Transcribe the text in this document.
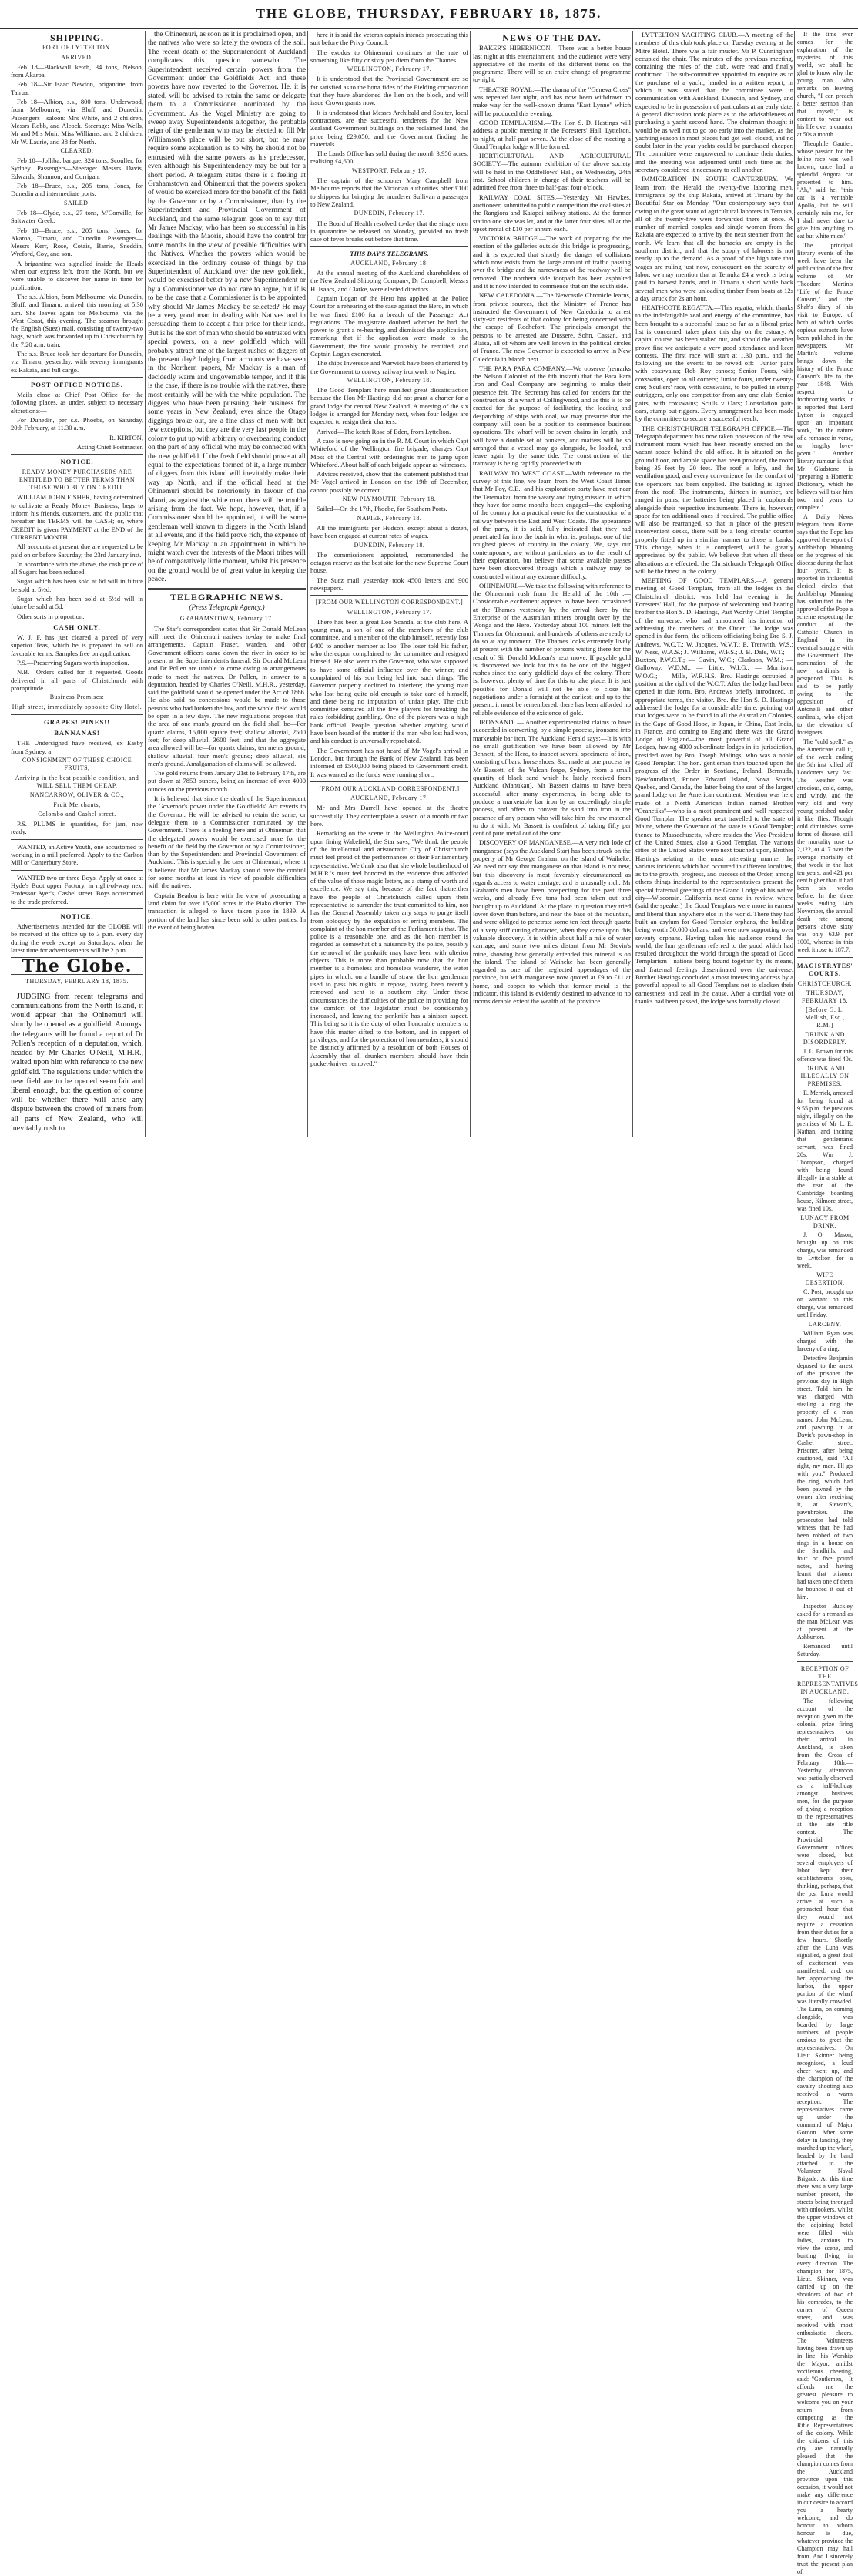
THE GLOBE, THURSDAY, FEBRUARY 18, 1875.

SHIPPING.

PORT OF LYTTELTON.

ARRIVED.

Feb 18—Blackwall ketch, 34 tons, Nelson, from Akaroa.

Feb 18—Sir Isaac Newton, brigantine, from Tairua.

Feb 18—Albion, s.s., 800 tons, Underwood, from Melbourne, via Bluff, and Dunedin. Passengers—saloon: Mrs White, and 2 children, Messrs Robb, and Alcock. Steerage: Miss Wells, Mr and Mrs Muir, Miss Williams, and 2 children, Mr W. Laurie, and 38 for North.

CLEARED.

Feb 18—Jolliba, barque, 324 tons, Scouller, for Sydney. Passengers—Steerage: Messrs Davis, Edwards, Shannon, and Corrigan.

Feb 18—Bruce, s.s., 205 tons, Jones, for Dunedin and intermediate ports.

SAILED.

Feb 18—Clyde, s.s., 27 tons, M'Conville, for Saltwater Creek.

Feb 18—Bruce, s.s., 205 tons, Jones, for Akaroa, Timaru, and Dunedin. Passengers—Messrs Kerr, Rose, Cotais, Barrie, Sneddin, Wreford, Coy, and son.

A brigantine was signalled inside the Heads when our express left, from the North, but we were unable to discover her name in time for publication.

The s.s. Albion, from Melbourne, via Dunedin, Bluff, and Timaru, arrived this morning at 5.30 a.m. She leaves again for Melbourne, via the West Coast, this evening. The steamer brought the English (Suez) mail, consisting of twenty-two bags, which was forwarded up to Christchurch by the 7.20 a.m. train.

The s.s. Bruce took her departure for Dunedin, via Timaru, yesterday, with seventy immigrants ex Rakaia, and full cargo.

POST OFFICE NOTICES.

Mails close at Chief Post Office for the following places, as under, subject to necessary alterations:—

For Dunedin, per s.s. Phoebe, on Saturday, 20th February, at 11.30 a.m.

R. KIRTON,

Acting Chief Postmaster.

NOTICE.

READY-MONEY PURCHASERS ARE ENTITLED TO BETTER TERMS THAN THOSE WHO BUY ON CREDIT.

WILLIAM JOHN FISHER, having determined to cultivate a Ready Money Business, begs to inform his friends, customers, and the public that hereafter his TERMS will be CASH; or, where CREDIT is given PAYMENT at the END of the CURRENT MONTH.

All accounts at present due are requested to be paid on or before Saturday, the 23rd January inst.

In accordance with the above, the cash price of all Sugars has been reduced.

Sugar which has been sold at 6d will in future be sold at 5½d.

Sugar which has been sold at 5½d will in future be sold at 5d.

Other sorts in proportion.

CASH ONLY.

W. J. F. has just cleared a parcel of very superior Teas, which he is prepared to sell on favorable terms. Samples free on application.

P.S.—Preserving Sugars worth inspection.

N.B.—Orders called for if requested. Goods delivered in all parts of Christchurch with promptitude.

Business Premises:

High street, immediately opposite City Hotel.

GRAPES! PINES!!

BANNANAS!

THE Undersigned have received, ex Easby from Sydney, a

CONSIGNMENT OF THESE CHOICE FRUITS,

Arriving in the best possible condition, and WILL SELL THEM CHEAP.

NANCARROW, OLIVER & CO.,

Fruit Merchants,

Colombo and Cashel street.

P.S.—PLUMS in quantities, for jam, now ready.

WANTED, an Active Youth, one accustomed to working in a mill preferred. Apply to the Carlton Mill or Canterbury Store.

WANTED two or three Boys. Apply at once at Hyde's Boot upper Factory, in right-of-way next Professor Ayer's, Cashel street. Boys accustomed to the trade preferred.

NOTICE.

Advertisements intended for the GLOBE will be received at the office up to 3 p.m. every day during the week except on Saturdays, when the latest time for advertisements will be 2 p.m.

The Globe.

THURSDAY, FEBRUARY 18, 1875.

JUDGING from recent telegrams and communications from the North Island, it would appear that the Ohinemuri will shortly be opened as a goldfield. Amongst the telegrams will be found a report of Dr Pollen's reception of a deputation, which, headed by Mr Charles O'Neill, M.H.R., waited upon him with reference to the new goldfield. The regulations under which the new field are to be opened seem fair and liberal enough, but the question of course will be whether there will arise any dispute between the crowd of miners from all parts of New Zealand, who will inevitably rush to

the Ohinemuri, as soon as it is proclaimed open, and the natives who were so lately the owners of the soil. The recent death of the Superintendent of Auckland complicates this question somewhat. The Superintendent received certain powers from the Government under the Goldfields Act, and these powers have now reverted to the Governor. He, it is stated, will be advised to retain the same or delegate them to a Commissioner nominated by the Government. As the Vogel Ministry are going to sweep away Superintendents altogether, the probable reign of the gentleman who may be elected to fill Mr Williamson's place will be but short, but he may require some explanation as to why he should not be entrusted with the same powers as his predecessor, even although his Superintendency may be but for a short period. A telegram states there is a feeling at Grahamstown and Ohinemuri that the powers spoken of would be exercised more for the benefit of the field by the Governor or by a Commissioner, than by the Superintendent and Provincial Government of Auckland, and the same telegram goes on to say that Mr James Mackay, who has been so successful in his dealings with the Maoris, should have the control for some months in the view of possible difficulties with the Natives. Whether the powers which would be exercised in the ordinary course of things by the Superintendent of Auckland over the new goldfield, would be exercised better by a new Superintendent or by a Commissioner we do not care to argue, but if is to be the case that a Commissioner is to be appointed why should Mr James Mackay be selected? He may be a very good man in dealing with Natives and in persuading them to accept a fair price for their lands. But is he the sort of man who should be entrusted with special powers, on a new goldfield which will probably attract one of the largest rushes of diggers of the present day? Judging from accounts we have seen in the Northern papers, Mr Mackay is a man of decidedly warm and ungovernable temper, and if this is the case, if there is no trouble with the natives, there most certainly will be with the white population. The diggers who have been pursuing their business for some years in New Zealand, ever since the Otago diggings broke out, are a fine class of men with but few exceptions, but they are the very last people in the colony to put up with arbitrary or overbearing conduct on the part of any official who may be connected with the new goldfield. If the fresh field should prove at all equal to the expectations formed of it, a large number of diggers from this island will inevitably make their way up North, and if the official head at the Ohinemuri should be notoriously in favour of the Maori, as against the white man, there will be trouble arising from the fact. We hope, however, that, if a Commissioner should be appointed, it will be some gentleman well known to diggers in the North Island at all events, and if the field prove rich, the expense of keeping Mr Mackay in an appointment in which he might watch over the interests of the Maori tribes will be of comparatively little moment, whilst his presence on the ground would be of great value in keeping the peace.

TELEGRAPHIC NEWS.

(Press Telegraph Agency.)

GRAHAMSTOWN, February 17.

The Star's correspondent states that Sir Donald McLean will meet the Ohinemuri natives to-day to make final arrangements. Captain Fraser, warden, and other Government officers came down the river in order to be present at the Superintendent's funeral. Sir Donald McLean and Dr Pollen are unable to come owing to arrangements made to meet the natives. Dr Pollen, in answer to a deputation, headed by Charles O'Neill, M.H.R., yesterday, said the goldfield would be opened under the Act of 1866. He also said no concessions would be made to those persons who had broken the law, and the whole field would be open in a few days. The new regulations propose that the area of one man's ground on the field shall be—For quartz claims, 15,000 square feet; shallow alluvial, 2500 feet; for deep alluvial, 3600 feet; and that the aggregate area allowed will be—for quartz claims, ten men's ground; shallow alluvial, four men's ground; deep alluvial, six men's ground. Amalgamation of claims will be allowed.

The gold returns from January 21st to February 17th, are put down at 7853 ounces, being an increase of over 4000 ounces on the previous month.

It is believed that since the death of the Superintendent the Governor's power under the Goldfields' Act reverts to the Governor. He will be advised to retain the same, or delegate them to a Commissioner nominated by the Government. There is a feeling here and at Ohinemuri that the delegated powers would be exercised more for the benefit of the field by the Governor or by a Commissioner, than by the Superintendent and Provincial Government of Auckland. This is specially the case at Ohinemuri, where it is believed that Mr James Mackay should have the control for some months at least in view of possible difficulties with the natives.

Captain Beadon is here with the view of prosecuting a land claim for over 15,000 acres in the Piako district. The transaction is alleged to have taken place in 1839. A portion of the land has since been sold to other parties. In the event of being beaten

here it is said the veteran captain intends prosecuting this suit before the Privy Council.

The exodus to Ohinemuri continues at the rate of something like fifty or sixty per diem from the Thames.

WELLINGTON, February 17.

It is understood that the Provincial Government are so far satisfied as to the bona fides of the Fielding corporation that they have abandoned the lien on the block, and will issue Crown grants now.

It is understood that Messrs Archibald and Soulter, local contractors, are the successful tenderers for the New Zealand Government buildings on the reclaimed land, the price being £29,050, and the Government finding the materials.

The Lands Office has sold during the month 3,956 acres, realising £4,600.

WESTPORT, February 17.

The captain of the schooner Mary Campbell from Melbourne reports that the Victorian authorities offer £100 to shippers for bringing the murderer Sullivan a passenger to New Zealand.

DUNEDIN, February 17.

The Board of Health resolved to-day that the single men in quarantine be released on Monday, provided no fresh case of fever breaks out before that time.

THIS DAY'S TELEGRAMS.

AUCKLAND, February 18.

At the annual meeting of the Auckland shareholders of the New Zealand Shipping Company, Dr Campbell, Messrs H. Isaacs, and Clarke, were elected directors.

Captain Logan of the Hero has applied at the Police Court for a rehearing of the case against the Hero, in which he was fined £100 for a breach of the Passenger Act regulations. The magistrate doubted whether he had the power to grant a re-hearing, and dismissed the application, remarking that if the application were made to the Government, the fine would probably be remitted, and Captain Logan exonerated.

The ships Inveresse and Warwick have been chartered by the Government to convey railway ironwork to Napier.

WELLINGTON, February 18.

The Good Templars here manifest great dissatisfaction because the Hon Mr Hastings did not grant a charter for a grand lodge for central New Zealand. A meeting of the six lodges is arranged for Monday next, when four lodges are expected to resign their charters.

Arrived—The ketch Rose of Eden, from Lyttelton.

A case is now going on in the R. M. Court in which Capt Whiteford of the Wellington fire brigade, charges Capt Moss of the Central with orderinghis men to jump upon Whiteford. About half of each brigade appear as witnesses.

Advices received, show that the statement published that Mr Vogel arrived in London on the 19th of December, cannot possibly be correct.

NEW PLYMOUTH, February 18.

Sailed—On the 17th, Phoebe, for Southern Ports.

NAPIER, February 18.

All the immigrants per Hudson, except about a dozen, have been engaged at current rates of wages.

DUNEDIN, February 18.

The commissioners appointed, recommended the octagon reserve as the best site for the new Supreme Court house.

The Suez mail yesterday took 4500 letters and 900 newspapers.

[FROM OUR WELLINGTON CORRESPONDENT.]

WELLINGTON, February 17.

There has been a great Loo Scandal at the club here. A young man, a son of one of the members of the club committee, and a member of the club himself, recently lost £400 to another member at loo. The loser told his father, who thereupon complained to the committee and resigned himself. He also went to the Governor, who was supposed to have some official influence over the winner, and complained of his son being led into such things. The Governor properly declined to interfere; the young man who lost being quite old enough to take care of himself, and there being no imputation of unfair play. The club committee censured all the five players for breaking the rules forbidding gambling. One of the players was a high bank official. People question whether anything would have been heard of the matter if the man who lost had won, and his conduct is universally reprobated.

The Government has not heard of Mr Vogel's arrival in London, but through the Bank of New Zealand, has been informed of £500,000 being placed to Government credit. It was wanted as the funds were running short.

[FROM OUR AUCKLAND CORRESPONDENT.]

AUCKLAND, February 17.

Mr and Mrs Darrell have opened at the theatre successfully. They contemplate a season of a month or two here.

Remarking on the scene in the Wellington Police-court upon fining Wakefield, the Star says, "We think the people of the intellectual and aristocratic City of Christchurch must feel proud of the performances of their Parliamentary representative. We think also that she whole brotherhood of M.H.R.'s must feel honored in the evidence thus afforded of the value of those magic letters, as a stamp of worth and excellence. We say this, because of the fact thatneither have the people of Christchurch called upon their representative to surrender the trust committed to him, nor has the General Assembly taken any steps to purge itself from obloquoy by the expulsion of erring members. The complaint of the hon member of the Parliament is that. The police is a reasonable one, and as the hon member is regarded as somewhat of a nuisance by the police, possibly the removal of the penknife may have been with ulterior objects. This is more than probable now that the hon member is a homeless and homeless wanderer, the water pipes in which, on a bundle of straw, the hon gentleman used to pass his nights in repose, having been recently removed and sent to a southern city. Under these circumstances the difficulties of the police in providing for the comfort of the legislator must be considerably increased, and leaving the penknife has a sinister aspect. This being so it is the duty of other honorable members to have this matter sifted to the bottom, and in support of privileges, and for the protection of hon members, it should be distinctly affirmed by a resolution of both Houses of Assembly that all drunken members should have their pocket-knives removed."

NEWS OF THE DAY.

BAKER'S HIBERNICON.—There was a better house last night at this entertainment, and the audience were very appreciative of the merits of the different items on the programme. There will be an entire change of programme to-night.

THEATRE ROYAL.—The drama of the "Geneva Cross" was repeated last night, and has now been withdrawn to make way for the well-known drama "East Lynne" which will be produced this evening.

GOOD TEMPLARISM.—The Hon S. D. Hastings will address a public meeting in the Foresters' Hall, Lyttelton, to-night, at half-past seven. At the close of the meeting a Good Templar lodge will be formed.

HORTICULTURAL AND AGRICULTURAL SOCIETY.—The autumn exhibition of the above society will be held in the Oddfellows' Hall, on Wednesday, 24th inst. School children in charge of their teachers will be admitted free from three to half-past four o'clock.

RAILWAY COAL SITES.—Yesterday Mr Hawkes, auctioneer, submitted to public competition the coal sites at the Rangiora and Kaiapoi railway stations. At the former station one site was let, and at the latter four sites, all at the upset rental of £10 per annum each.

VICTORIA BRIDGE.—The work of preparing for the erection of the galleries outside this bridge is progressing, and it is expected that shortly the danger of collisions which now exists from the large amount of traffic passing over the bridge and the narrowness of the roadway will be removed. The northern side footpath has been asphalted and it is now intended to commence that on the south side.

NEW CALEDONIA.—The Newcastle Chronicle learns, from private sources, that the Ministry of France has instructed the Government of New Caledonia to arrest sixty-six residents of that colony for being concerned with the escape of Rochefort. The principals amongst the persons to be arrested are Dussere, Sohn, Cassan, and Blaisa, all of whom are well known in the political circles of France. The new Governor is expected to arrive in New Caledonia in March next.

THE PARA PARA COMPANY.—We observe (remarks the Nelson Colonist of the 6th instant) that the Para Para Iron and Coal Company are beginning to make their presence felt. The Secretary has called for tenders for the construction of a wharf at Collingwood, and as this is to be erected for the purpose of facilitating the loading and despatching of ships with coal, we may presume that the company will soon be a position to commence business operations. The wharf will be seven chains in length, and will have a double set of bunkers, and matters will be so arranged that a vessel may go alongside, be loaded, and leave again by the same tide. The construction of the tramway is being rapidly proceeded with.

RAILWAY TO WEST COAST.—With reference to the survey of this line, we learn from the West Coast Times that Mr Foy, C.E., and his exploration party have met near the Teremakau from the weary and trying mission in which they have for some months been engaged—the exploring of the country for a practical route for the construction of a railway between the East and West Coasts. The appearance of the party, it is said, fully indicated that they had penetrated far into the bush in what is, perhaps, one of the roughest pieces of country in the colony. We, says our contemporary, are without particulars as to the result of their exploration, but believe that some available passes have been discovered through which a railway may be constructed without any extreme difficulty.

OHINEMURI.—We take the following with reference to the Ohinemuri rush from the Herald of the 10th :—Considerable excitement appears to have been occasioned at the Thames yesterday by the arrival there by the Enterprise of the Australian miners brought over by the Wonga and the Hero. Yesterday about 100 miners left the Thames for Ohinemuri, and hundreds of others are ready to do so at any moment. The Thames looks extremely lively at present with the number of persons waiting there for the result of Sir Donald McLean's next move. If payable gold is discovered we look for this to be one of the biggest rushes since the early goldfield days of the colony. There is, however, plenty of time for this to take place. It is just possible for Donald will not be able to close his negotiations under a fortnight at the earliest; and up to the present, it must be remembered, there has been afforded no reliable evidence of the existence of gold.

IRONSAND. — Another experimentalist claims to have succeeded in converting, by a simple process, ironsand into marketable bar iron. The Auckland Herald says:—It is with no small gratification we have been allowed by Mr Bennett, of the Hero, to inspect several specimens of iron, consisting of bars, horse shoes, &c, made at one process by Mr Bassett, of the Vulcan forge, Sydney, from a small quantity of black sand which he lately received from Auckland (Manukau). Mr Bassett claims to have been successful, after many experiments, in being able to produce a marketable bar iron by an exceedingly simple process, and offers to convert the sand into iron in the presence of any person who will take him the raw material to do it with. Mr Bassett is confident of taking fifty per cent of pure metal out of the sand.

DISCOVERY OF MANGANESE.—A very rich lode of manganese (says the Auckland Star) has been struck on the property of Mr George Graham on the island of Waiheke. We need not say that manganese on that island is not new, but this discovery is most favorably circumstanced as regards access to water carriage, and is unusually rich. Mr Graham's men have been prospecting for the past three weeks, and already five tons had been taken out and brought up to Auckland. At the place in question they tried lower down than before, and near the base of the mountain, and were obliged to penetrate some ten feet through quartz of a very stiff cutting character, when they came upon this valuable discovery. It is within about half a mile of water carriage, and some two miles distant from Mr Stevin's mine, showing how generally extended this mineral is on the island. The island of Waiheke has been generally regarded as one of the neglected appendages of the province, but with manganese now quoted at £9 to £11 at home, and copper to which that former metal is the indicator, this island is evidently destined to advance to no inconsiderable extent the wealth of the province.

LYTTELTON YACHTING CLUB.—A meeting of the members of this club took place on Tuesday evening at the Mitre Hotel. There was a fair muster. Mr P. Cunningham occupied the chair. The minutes of the previous meeting, containing the rules of the club, were read and finally confirmed. The sub-committee appointed to enquire as to the purchase of a yacht, handed in a written report, in which it was stated that the committee were in communication with Auckland, Dunedin, and Sydney, and expected to be in possession of particulars at an early date. A general discussion took place as to the advisableness of purchasing a yacht second hand. The chairman thought it would be as well not to go too early into the market, as the yachting season in most places had got well closed, and no doubt later in the year yachts could be purchased cheaper. The committee were empowered to continue their duties, and the meeting was adjourned until such time as the secretary considered it necessary to call another.

IMMIGRATION IN SOUTH CANTERBURY.—We learn from the Herald the twenty-five laboring men, immigrants by the ship Rakaia, arrived at Timaru by the Beautiful Star on Monday. "Our contemporary says that owing to the great want of agricultural laborers in Temuka, all of the twenty-five were forwarded there at once. A number of married couples and single women from the Rakaia are expected to arrive by the next steamer from the north. We learn that all the barracks are empty in the southern district, and that the supply of laborers is not nearly up to the demand. As a proof of the high rate that wages are ruling just now, consequent on the scarcity of labor, we may mention that at Temuka £4 a week is being paid to harvest hands, and in Timaru a short while back several men who were unloading timber from boats at 12s a day struck for 2s an hour.

HEATHCOTE REGATTA.—This regatta, which, thanks to the indefatigable zeal and energy of the committee, has been brought to a successful issue so far as a liberal prize list is concerned, takes place this day on the estuary. A capital course has been staked out, and should the weather prove fine we anticipate a very good attendance and keen contests. The first race will start at 1.30 p.m., and the following are the events to be rowed off:—Junior pairs with coxswains; Rob Roy canoes; Senior Fours, with coxswains, open to all comers; Junior fours, under twenty-one; Scullers' race, with coxswains, to be pulled in stump outriggers, only one competitor from any one club; Senior pairs, with coxswains; Sculls v Oars; Consolation pair-oars, stump out-riggers. Every arrangement has been made by the committee to secure a successful result.

THE CHRISTCHURCH TELEGRAPH OFFICE.—The Telegraph department has now taken possession of the new instrument room which has been recently erected on the vacant space behind the old office. It is situated on the ground floor, and ample space has been provided, the room being 35 feet by 20 feet. The roof is lofty, and the ventilation good, and every convenience for the comfort of the operators has been supplied. The building is lighted from the roof. The instruments, thirteen in number, are ranged in pairs, the batteries being placed in cupboards alongside their respective instruments. There is, however, space for ten additional ones if required. The public office will also be rearranged, so that in place of the present inconvenient desks, there will be a long circular counter properly fitted up in a similar manner to those in banks. This change, when it is completed, will be greatly appreciated by the public. We believe that when all these alterations are effected, the Christchurch Telegraph Office will be the finest in the colony.

MEETING OF GOOD TEMPLARS.—A general meeting of Good Templars, from all the lodges in the Christchurch district, was held last evening in the Foresters' Hall, for the purpose of welcoming and hearing brother the Hon S. D. Hastings, Past Worthy Chief Templar of the universe, who had announced his intention of addressing the members of the Order. The lodge was opened in due form, the officers officiating being Bro S. J. Andrews, W.C.T.; W. Jacques, W.V.T.; E. Trenwith, W.S.; W. Ness, W.A.S.; J. Williams, W.F.S.; J. B. Dale, W.T.; — Buxton, P.W.C.T.; — Gavin, W.C.; Clarkson, W.M.; — Galloway, W.D.M.; — Little, W.I.G.; — Morrison, W.O.G.; — Mills, W.R.H.S. Bro. Hastings occupied a position at the right of the W.C.T. After the lodge had been opened in due form, Bro. Andrews briefly introduced, in appropriate terms, the visitor. Bro. the Hon S. D. Hastings addressed the lodge for a considerable time, pointing out that lodges were to be found in all the Australian Colonies, in the Cape of Good Hope, in Japan, in China, East India, in France, and coming to England there was the Grand Lodge of England—the most powerful of all Grand Lodges, having 4000 subordinate lodges in its jurisdiction, presided over by Bro. Joseph Malings, who was a noble Good Templar. The hon. gentleman then touched upon the progress of the Order in Scotland, Ireland, Bermuda, Newfoundland, Prince Edward Island, Nova Scotia, Quebec, and Canada, the latter being the seat of the largest grand lodge on the American continent. Mention was here made of a North American Indian named Brother "Oranetiks"—who is a most prominent and well respected Good Templar. The speaker next travelled to the state of Maine, where the Governor of the state is a Good Templar; thence to Massachusetts, where resides the Vice-President of the United States, also a Good Templar. The various cities of the United States were next touched upon, Brother Hastings relating in the most interesting manner the various incidents which had occurred in different localities, as to the growth, progress, and success of the Order, among others things incidental to the representatives present the special fraternal greetings of the Grand Lodge of his native city—Wisconsin. California next came in review, where (said the speaker) the Good Templars were more in earnest and liberal than anywhere else in the world. There they had built an asylum for Good Templar orphans, the building being worth 50,000 dollars, and were now supporting over seventy orphans. Having taken his audience round the world, the hon gentleman referred to the good which had resulted throughout the world through the spread of Good Templarism—nations being bound together by its means, and fraternal feelings disseminated over the universe. Brother Hastings concluded a most interesting address by a powerful appeal to all Good Templars not to slacken their earnestness and zeal in the cause. After a cordial vote of thanks had been passed, the lodge was formally closed.

If the time ever comes for the explanation of the mysteries of this world, we shall be glad to know why the young man who remarks on leaving church, "I can preach a better sermon than that myself," is content to wear out his life over a counter at 50s a month.

Theophile Gautier, whose passion for the feline race was well known, once had a splendid Angora cat presented to him. "Ah," said he, "this cat is a veritable Apollo, but he will certainly ruin me, for I shall never dare to give him anything to eat but white mice."

The principal literary events of the week have been the publication of the first volume of Mr Theodore Martin's "Life of the Prince Consort," and the Shah's diary of his visit to Europe, of both of which works copious extracts have been published in the newspapers. Mr Martin's volume brings down the history of the Prince Consort's life to the year 1848. With respect to forthcoming works, it is reported that Lord Lytton is engaged upon an important work, "in the nature of a romance in verse, or lengthy love-poem." Another literary rumour is that Mr Gladstone is "preparing a Homeric Dictionary, which he believes will take him two hard years to complete."

A Daily News telegram from Rome says that the Pope has approved the report of Archbishop Manning on the progress of his diocese during the last four years. It is reported in influential clerical circles that Archbishop Manning has submitted to the approval of the Pope a scheme respecting the conduct of the Catholic Church in England in its eventual struggle with the Government. The nomination of the new cardinals is postponed. This is said to be partly owing to the opposition of Antonelli and other cardinals, who object to the elevation of foreigners.

The "cold spell," as the Americans call it, of the week ending the 5th inst killed off Londoners very fast. The weather was atrocious, cold, damp, and windy, and the very old and very young perished under it like flies. Though cold diminishes some forms of disease, still the mortality rose to 2,122, or 417 over the average mortality of that week in the last ten years, and 421 per cent higher than it had been six weeks before. In the three weeks ending 14th November, the annual death rate among persons above sixty was only 63.9 per 1000, whereas in this week it rose to 187.7.

MAGISTRATES' COURTS.

CHRISTCHURCH.

THURSDAY, FEBRUARY 18.

[Before G. L. Mellish, Esq., R.M.]

DRUNK AND DISORDERLY.

J. L. Brown for this offence was fined 40s.

DRUNK AND ILLEGALLY ON PREMISES.

E. Merrick, arrested for being found at 9.55 p.m. the previous night, illegally on the premises of Mr L. E. Nathan, and inciting that gentleman's servant, was fined 20s. Wm J. Thompson, charged with being found illegally in a stable at the rear of the Cambridge boarding house, Kilmore street, was fined 10s.

LUNACY FROM DRINK.

J. O. Mason, brought up on this charge, was remanded to Lyttelton for a week.

WIFE DESERTION.

C. Post, brought up on warrant on this charge, was remanded until Friday.

LARCENY.

William Ryan was charged with the larceny of a ring.

Detective Benjamin deposed to the arrest of the prisoner the previous day in High street. Told him he was charged with stealing a ring the property of a man named John McLean, and pawning it at Davis's pawn-shop in Cashel street. Prisoner, after being cautioned, said "All right, my man. I'll go with you." Produced the ring, which had been pawned by the owner after receiving it, at Stewart's, pawnbroker. The prosecutor had told witness that he had been robbed of two rings in a house on the Sandhills, and four or five pound notes, and having learnt that prisoner had taken one of them he bounced it out of him.

Inspector Buckley asked for a remand as the man McLean was at present at the Ashburton.

Remanded until Saturday.

RECEPTION OF THE REPRESENTATIVES IN AUCKLAND.

The following account of the reception given to the colonial prize firing representatives on their arrival in Auckland, is taken from the Cross of February 10th:—Yesterday afternoon was partially observed as a half-holiday amongst business men, for the purpose of giving a reception to the representatives at the late rifle contest. The Provincial Government offices were closed, but several employers of labor kept their establishments open, thinking, perhaps, that the p.s. Luna would arrive at such a protracted hour that they would not require a cessation from their duties for a few hours. Shortly after the Luna was signalled, a great deal of excitement was manifested, and, on her approaching the harbor, the upper portion of the wharf was literally crowded. The Luna, on coming alongside, was boarded by large numbers of people anxious to greet the representatives. On Lieut Skinner being recognised, a loud cheer went up, and the champion of the cavalry shooting also received a warm reception. The representatives came up under the command of Major Gordon. After some delay in landing, they marched up the wharf, headed by the band attached to the Volunteer Naval Brigade. At this time there was a very large number present, the streets being thronged with onlookers, whilst the upper windows of the adjoining hotel were filled with ladies, anxious to view the scene, and bunting flying in every direction. The champion for 1875, Lieut. Skinner, was carried up on the shoulders of two of his comrades, to the corner of Queen street, and was received with most enthusiastic cheers. The Volunteers having been drawn up in line, his Worship the Mayor, amidst vociferous cheering, said: "Gentlemen,—It affords me the greatest pleasure to welcome you on your return from competing as the Rifle Representatives of the colony. While the citizens of this city are naturally pleased that the champion comes from the Auckland province upon this occasion, it would not make any difference in our desire to accord you a hearty welcome, and do honour to whom honour is due, whatever province the Champion may hail from. And I sincerely trust the present plan of
